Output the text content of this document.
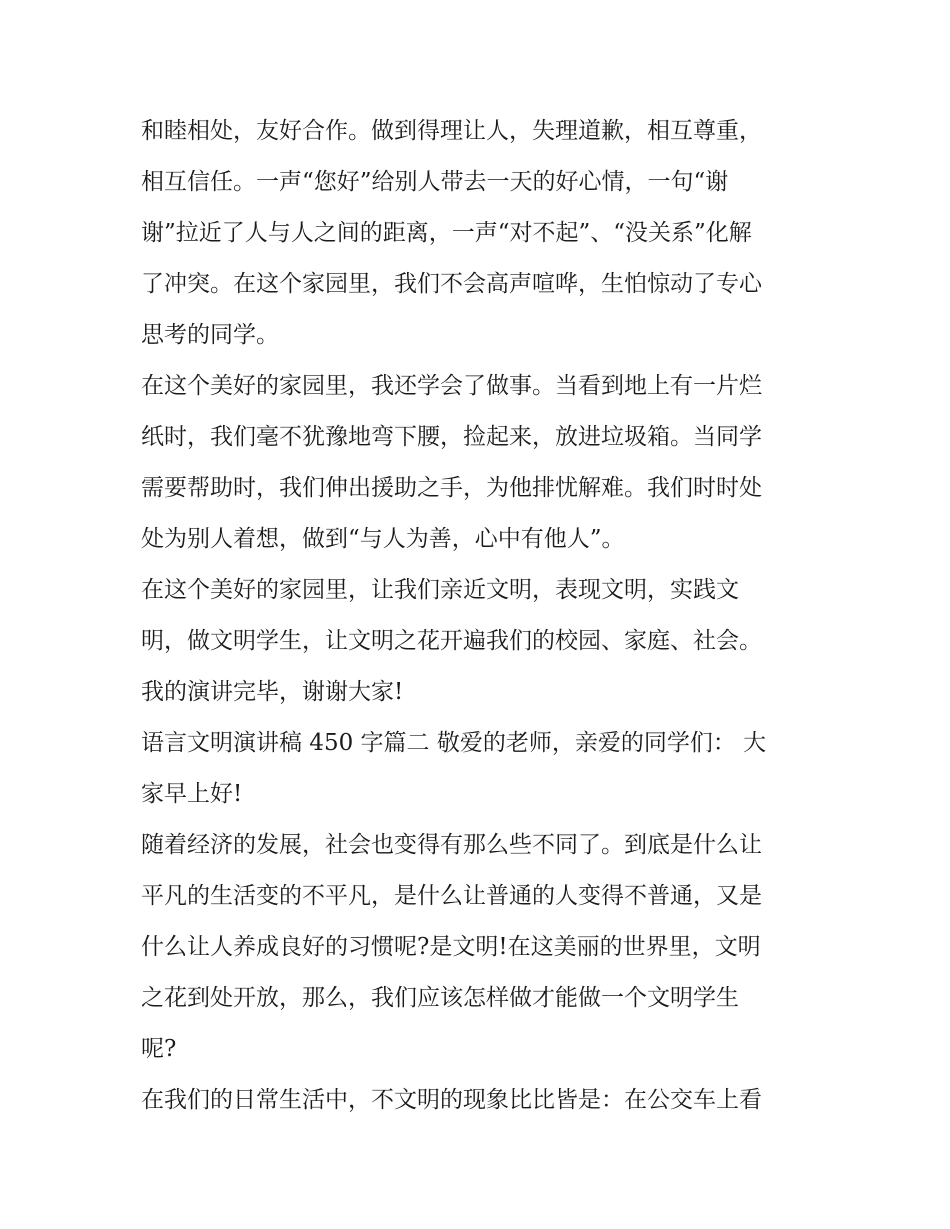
和睦相处，友好合作。做到得理让人，失理道歉，相互尊重，
相互信任。一声“您好”给别人带去一天的好心情，一句“谢
谢”拉近了人与人之间的距离，一声“对不起”、“没关系”化解
了冲突。在这个家园里，我们不会高声喧哗，生怕惊动了专心
思考的同学。
在这个美好的家园里，我还学会了做事。当看到地上有一片烂
纸时，我们毫不犹豫地弯下腰，捡起来，放进垃圾箱。当同学
需要帮助时，我们伸出援助之手，为他排忧解难。我们时时处
处为别人着想，做到“与人为善，心中有他人”。
在这个美好的家园里，让我们亲近文明，表现文明，实践文
明，做文明学生，让文明之花开遍我们的校园、家庭、社会。
我的演讲完毕，谢谢大家!
语言文明演讲稿 450 字篇二 敬爱的老师，亲爱的同学们： 大
家早上好!
随着经济的发展，社会也变得有那么些不同了。到底是什么让
平凡的生活变的不平凡，是什么让普通的人变得不普通，又是
什么让人养成良好的习惯呢?是文明!在这美丽的世界里，文明
之花到处开放，那么，我们应该怎样做才能做一个文明学生
呢?
在我们的日常生活中，不文明的现象比比皆是：在公交车上看
